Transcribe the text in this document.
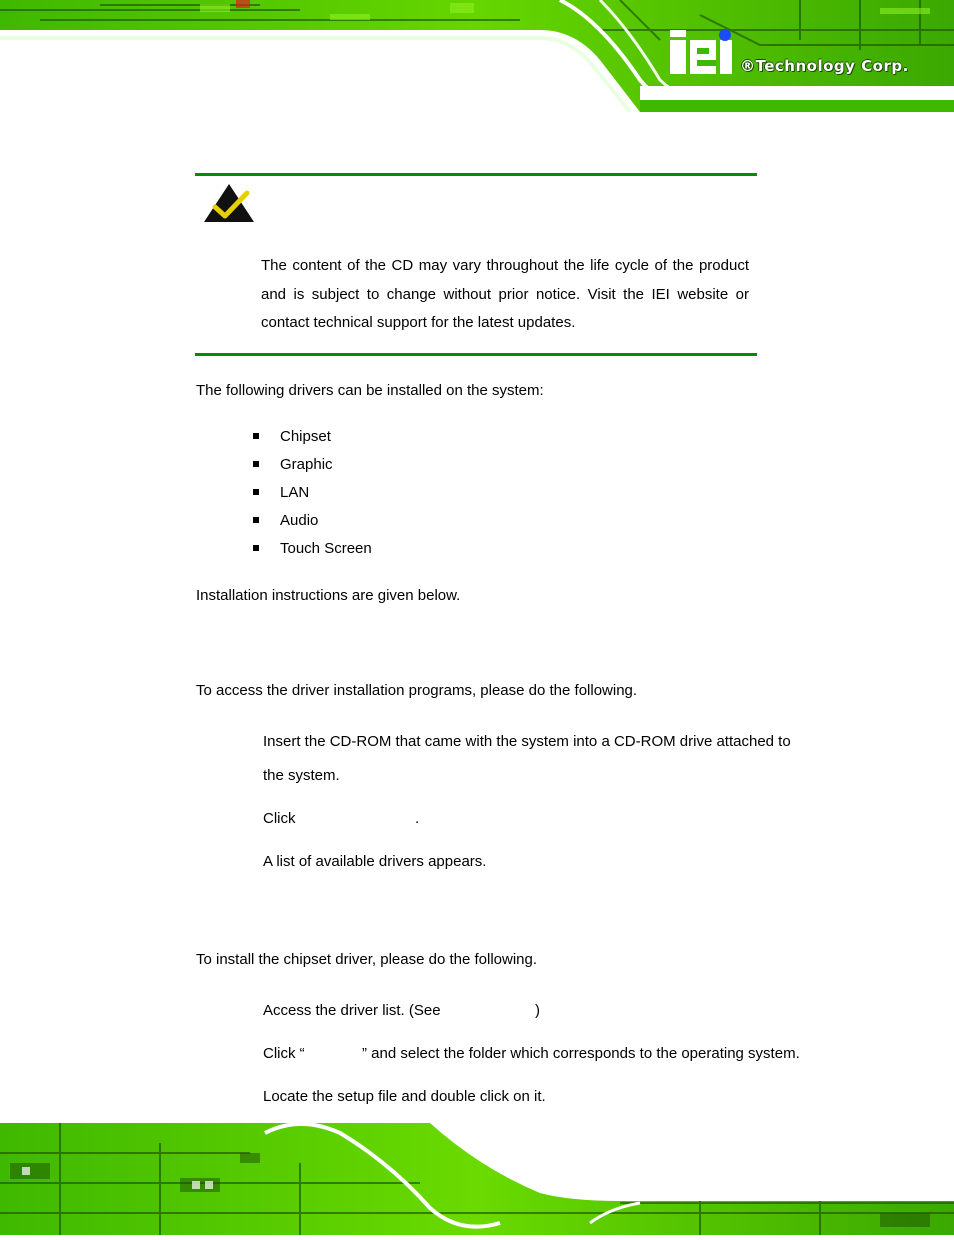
®Technology Corp.
The content of the CD may vary throughout the life cycle of the product and is subject to change without prior notice. Visit the IEI website or contact technical support for the latest updates.
The following drivers can be installed on the system:
Chipset
Graphic
LAN
Audio
Touch Screen
Installation instructions are given below.
To access the driver installation programs, please do the following.
Insert the CD-ROM that came with the system into a CD-ROM drive attached to
the system.
Click	.
A list of available drivers appears.
To install the chipset driver, please do the following.
Access the driver list. (See	)
Click “	” and select the folder which corresponds to the operating system.
Locate the setup file and double click on it.
